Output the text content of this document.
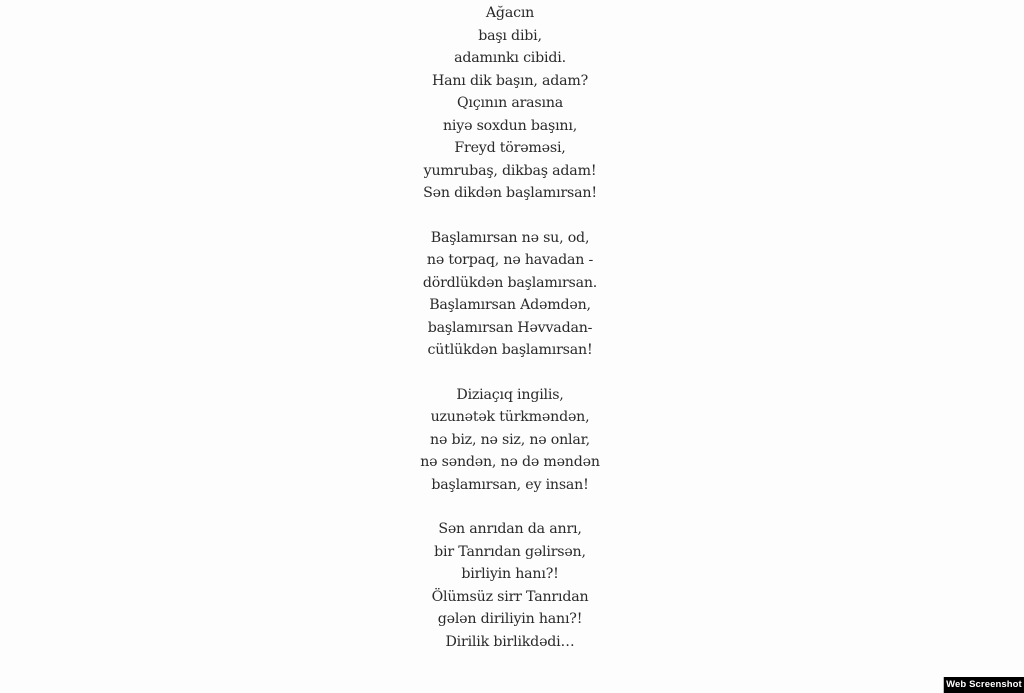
Ağacın
başı dibi,
adamınkı cibidi.
Hanı dik başın, adam?
Qıçının arasına
niyə soxdun başını,
Freyd törəməsi,
yumrubaş, dikbaş adam!
Sən dikdən başlamırsan!
Başlamırsan nə su, od,
nə torpaq, nə havadan -
dördlükdən başlamırsan.
Başlamırsan Adəmdən,
başlamırsan Həvvadan-
cütlükdən başlamırsan!
Dizіaçıq ingilis,
uzunətək türkməndən,
nə biz, nə siz, nə onlar,
nə səndən, nə də məndən
başlamırsan, ey insan!
Sən anrıdan da anrı,
bir Tanrıdan gəlirsən,
birliyin hanı?!
Ölümsüz sirr Tanrıdan
gələn diriliyin hanı?!
Dirilik birlikdədi…
Web Screenshot
